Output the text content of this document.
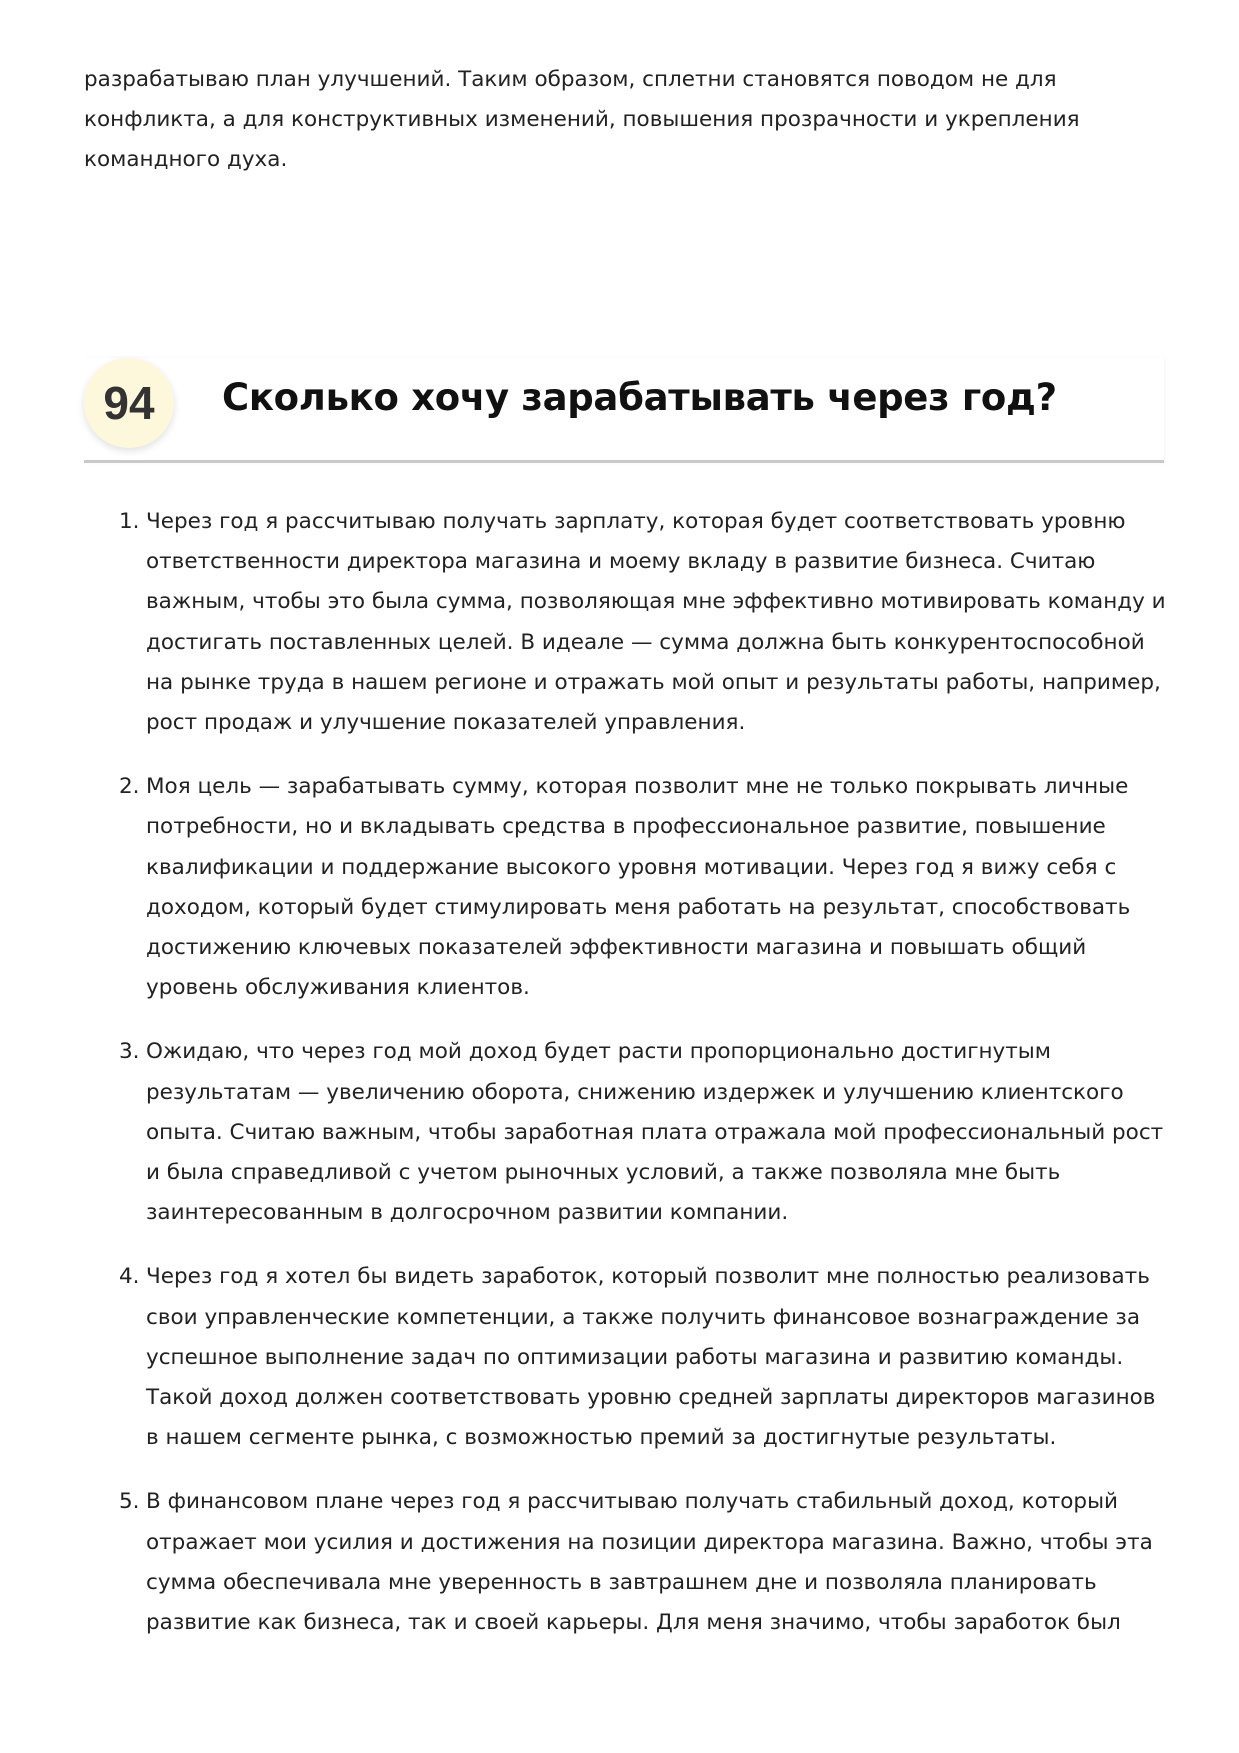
разрабатываю план улучшений. Таким образом, сплетни становятся поводом не для конфликта, а для конструктивных изменений, повышения прозрачности и укрепления командного духа.

94	Сколько хочу зарабатывать через год?
1. Через год я рассчитываю получать зарплату, которая будет соответствовать уровню ответственности директора магазина и моему вкладу в развитие бизнеса. Считаю важным, чтобы это была сумма, позволяющая мне эффективно мотивировать команду и достигать поставленных целей. В идеале — сумма должна быть конкурентоспособной на рынке труда в нашем регионе и отражать мой опыт и результаты работы, например, рост продаж и улучшение показателей управления.
2. Моя цель — зарабатывать сумму, которая позволит мне не только покрывать личные потребности, но и вкладывать средства в профессиональное развитие, повышение квалификации и поддержание высокого уровня мотивации. Через год я вижу себя с доходом, который будет стимулировать меня работать на результат, способствовать достижению ключевых показателей эффективности магазина и повышать общий уровень обслуживания клиентов.
3. Ожидаю, что через год мой доход будет расти пропорционально достигнутым результатам — увеличению оборота, снижению издержек и улучшению клиентского опыта. Считаю важным, чтобы заработная плата отражала мой профессиональный рост и была справедливой с учетом рыночных условий, а также позволяла мне быть заинтересованным в долгосрочном развитии компании.
4. Через год я хотел бы видеть заработок, который позволит мне полностью реализовать свои управленческие компетенции, а также получить финансовое вознаграждение за успешное выполнение задач по оптимизации работы магазина и развитию команды. Такой доход должен соответствовать уровню средней зарплаты директоров магазинов в нашем сегменте рынка, с возможностью премий за достигнутые результаты.
5. В финансовом плане через год я рассчитываю получать стабильный доход, который отражает мои усилия и достижения на позиции директора магазина. Важно, чтобы эта сумма обеспечивала мне уверенность в завтрашнем дне и позволяла планировать развитие как бизнеса, так и своей карьеры. Для меня значимо, чтобы заработок был
